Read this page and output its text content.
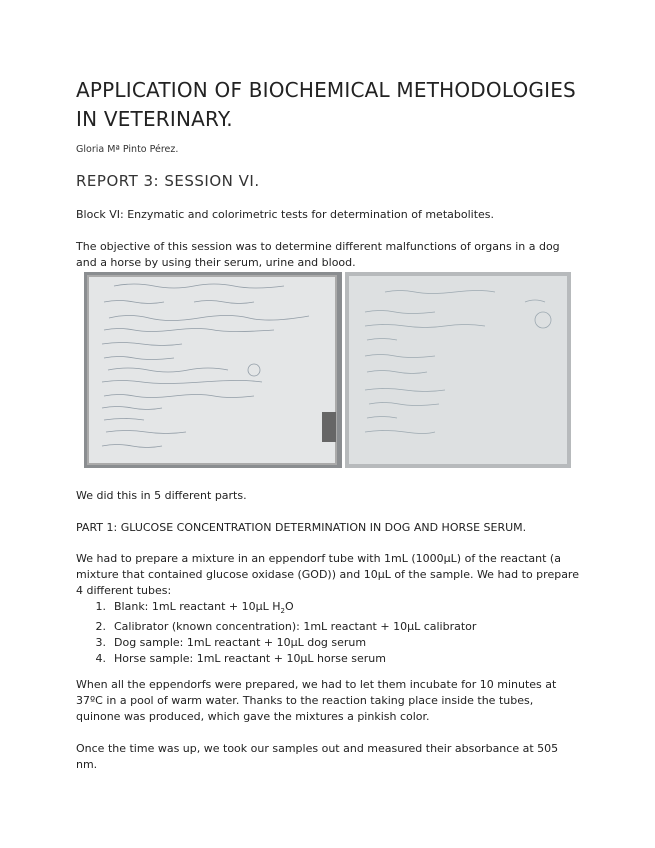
APPLICATION OF BIOCHEMICAL METHODOLOGIES IN VETERINARY.
Gloria Mª Pinto Pérez.
REPORT 3: SESSION VI.
Block VI: Enzymatic and colorimetric tests for determination of metabolites.
The objective of this session was to determine different malfunctions of organs in a dog and a horse by using their serum, urine and blood.
We did this in 5 different parts.
PART 1: GLUCOSE CONCENTRATION DETERMINATION IN DOG AND HORSE SERUM.
We had to prepare a mixture in an eppendorf tube with 1mL (1000µL) of the reactant (a mixture that contained glucose oxidase (GOD)) and 10µL of the sample. We had to prepare 4 different tubes:
1. Blank: 1mL reactant + 10µL $H_2O$
2. Calibrator (known concentration): 1mL reactant + 10µL calibrator
3. Dog sample: 1mL reactant + 10µL dog serum
4. Horse sample: 1mL reactant + 10µL horse serum
When all the eppendorfs were prepared, we had to let them incubate for 10 minutes at 37ºC in a pool of warm water. Thanks to the reaction taking place inside the tubes, quinone was produced, which gave the mixtures a pinkish color.
Once the time was up, we took our samples out and measured their absorbance at 505 nm.
